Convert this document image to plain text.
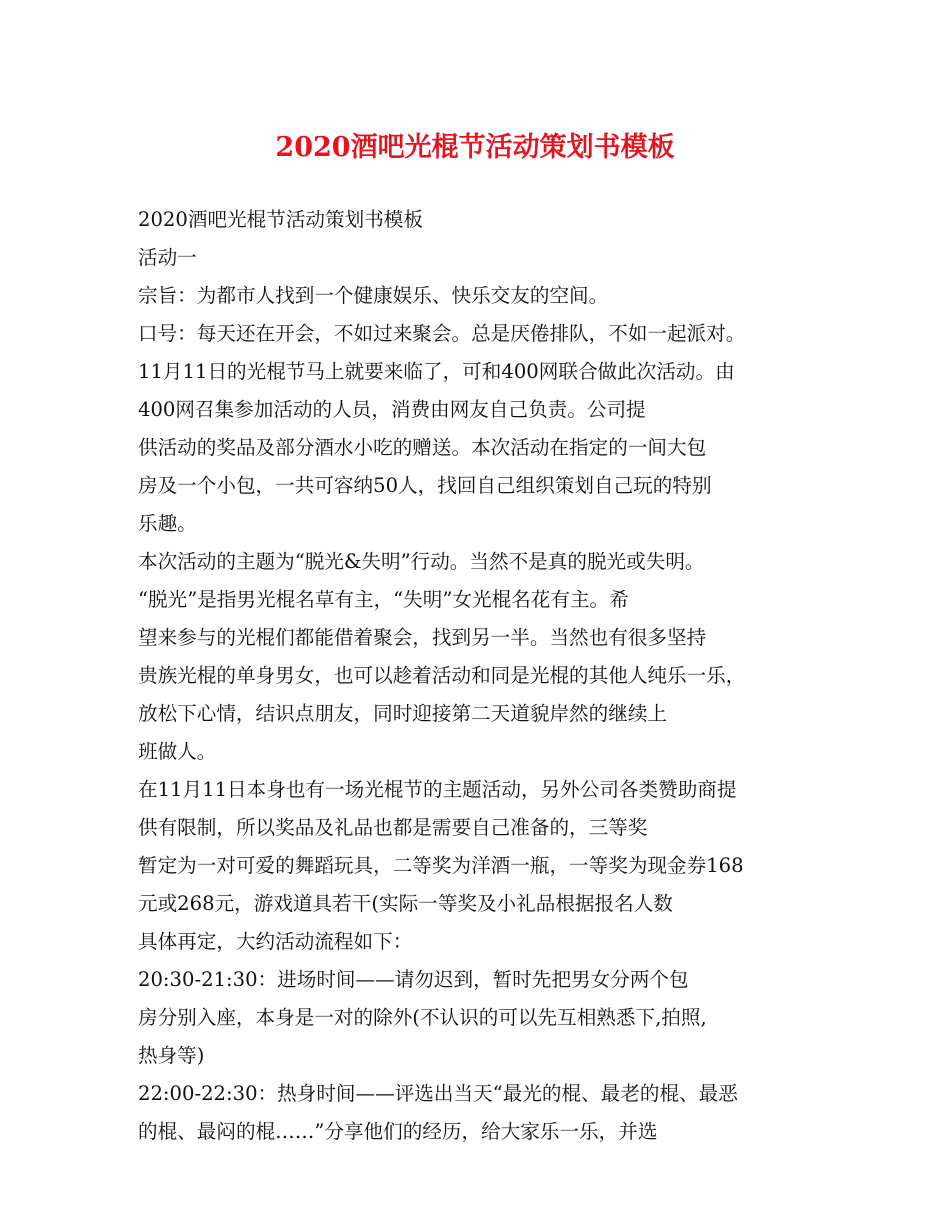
2020酒吧光棍节活动策划书模板
2020酒吧光棍节活动策划书模板
活动一
宗旨：为都市人找到一个健康娱乐、快乐交友的空间。
口号：每天还在开会，不如过来聚会。总是厌倦排队，不如一起派对。
11月11日的光棍节马上就要来临了，可和400网联合做此次活动。由
400网召集参加活动的人员，消费由网友自己负责。公司提
供活动的奖品及部分酒水小吃的赠送。本次活动在指定的一间大包
房及一个小包，一共可容纳50人，找回自己组织策划自己玩的特别
乐趣。
本次活动的主题为“脱光&失明”行动。当然不是真的脱光或失明。
“脱光”是指男光棍名草有主，“失明”女光棍名花有主。希
望来参与的光棍们都能借着聚会，找到另一半。当然也有很多坚持
贵族光棍的单身男女，也可以趁着活动和同是光棍的其他人纯乐一乐，
放松下心情，结识点朋友，同时迎接第二天道貌岸然的继续上
班做人。
在11月11日本身也有一场光棍节的主题活动，另外公司各类赞助商提
供有限制，所以奖品及礼品也都是需要自己准备的，三等奖
暂定为一对可爱的舞蹈玩具，二等奖为洋酒一瓶，一等奖为现金券168
元或268元，游戏道具若干(实际一等奖及小礼品根据报名人数
具体再定，大约活动流程如下：
20:30-21:30：进场时间——请勿迟到，暂时先把男女分两个包
房分别入座，本身是一对的除外(不认识的可以先互相熟悉下,拍照,
热身等)
22:00-22:30：热身时间——评选出当天“最光的棍、最老的棍、最恶
的棍、最闷的棍……”分享他们的经历，给大家乐一乐，并选
